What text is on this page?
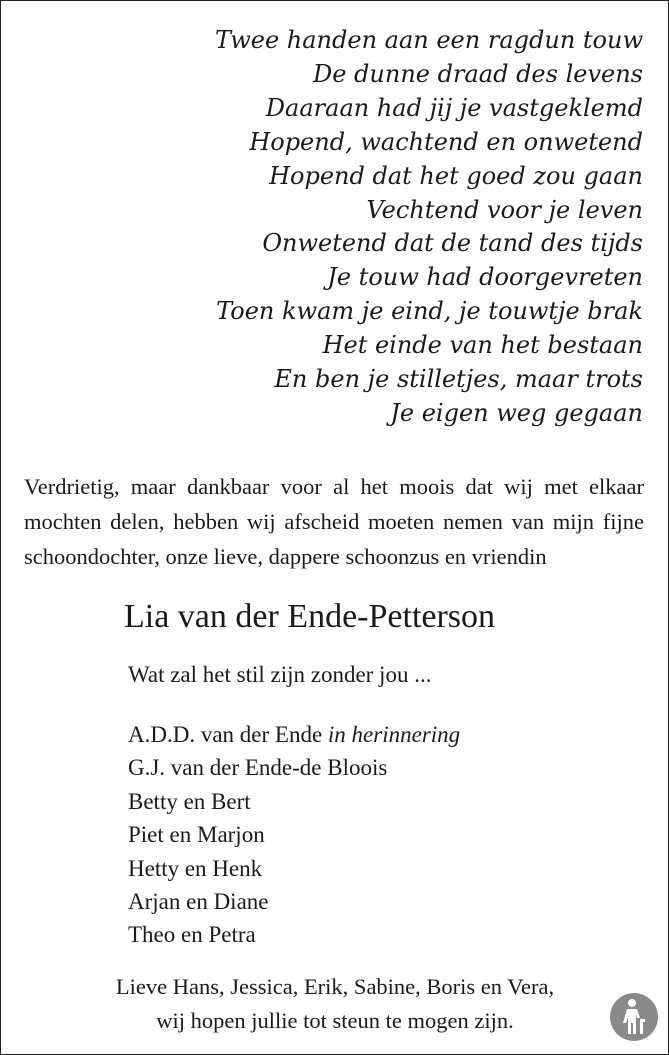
Twee handen aan een ragdun touw
De dunne draad des levens
Daaraan had jij je vastgeklemd
Hopend, wachtend en onwetend
Hopend dat het goed zou gaan
Vechtend voor je leven
Onwetend dat de tand des tijds
Je touw had doorgevreten
Toen kwam je eind, je touwtje brak
Het einde van het bestaan
En ben je stilletjes, maar trots
Je eigen weg gegaan

Verdrietig, maar dankbaar voor al het moois dat wij met elkaar mochten delen, hebben wij afscheid moeten nemen van mijn fijne schoondochter, onze lieve, dappere schoonzus en vriendin

Lia van der Ende-Petterson
Wat zal het stil zijn zonder jou ...
A.D.D. van der Ende in herinnering
G.J. van der Ende-de Bloois
Betty en Bert
Piet en Marjon
Hetty en Henk
Arjan en Diane
Theo en Petra
Lieve Hans, Jessica, Erik, Sabine, Boris en Vera,
wij hopen jullie tot steun te mogen zijn.
